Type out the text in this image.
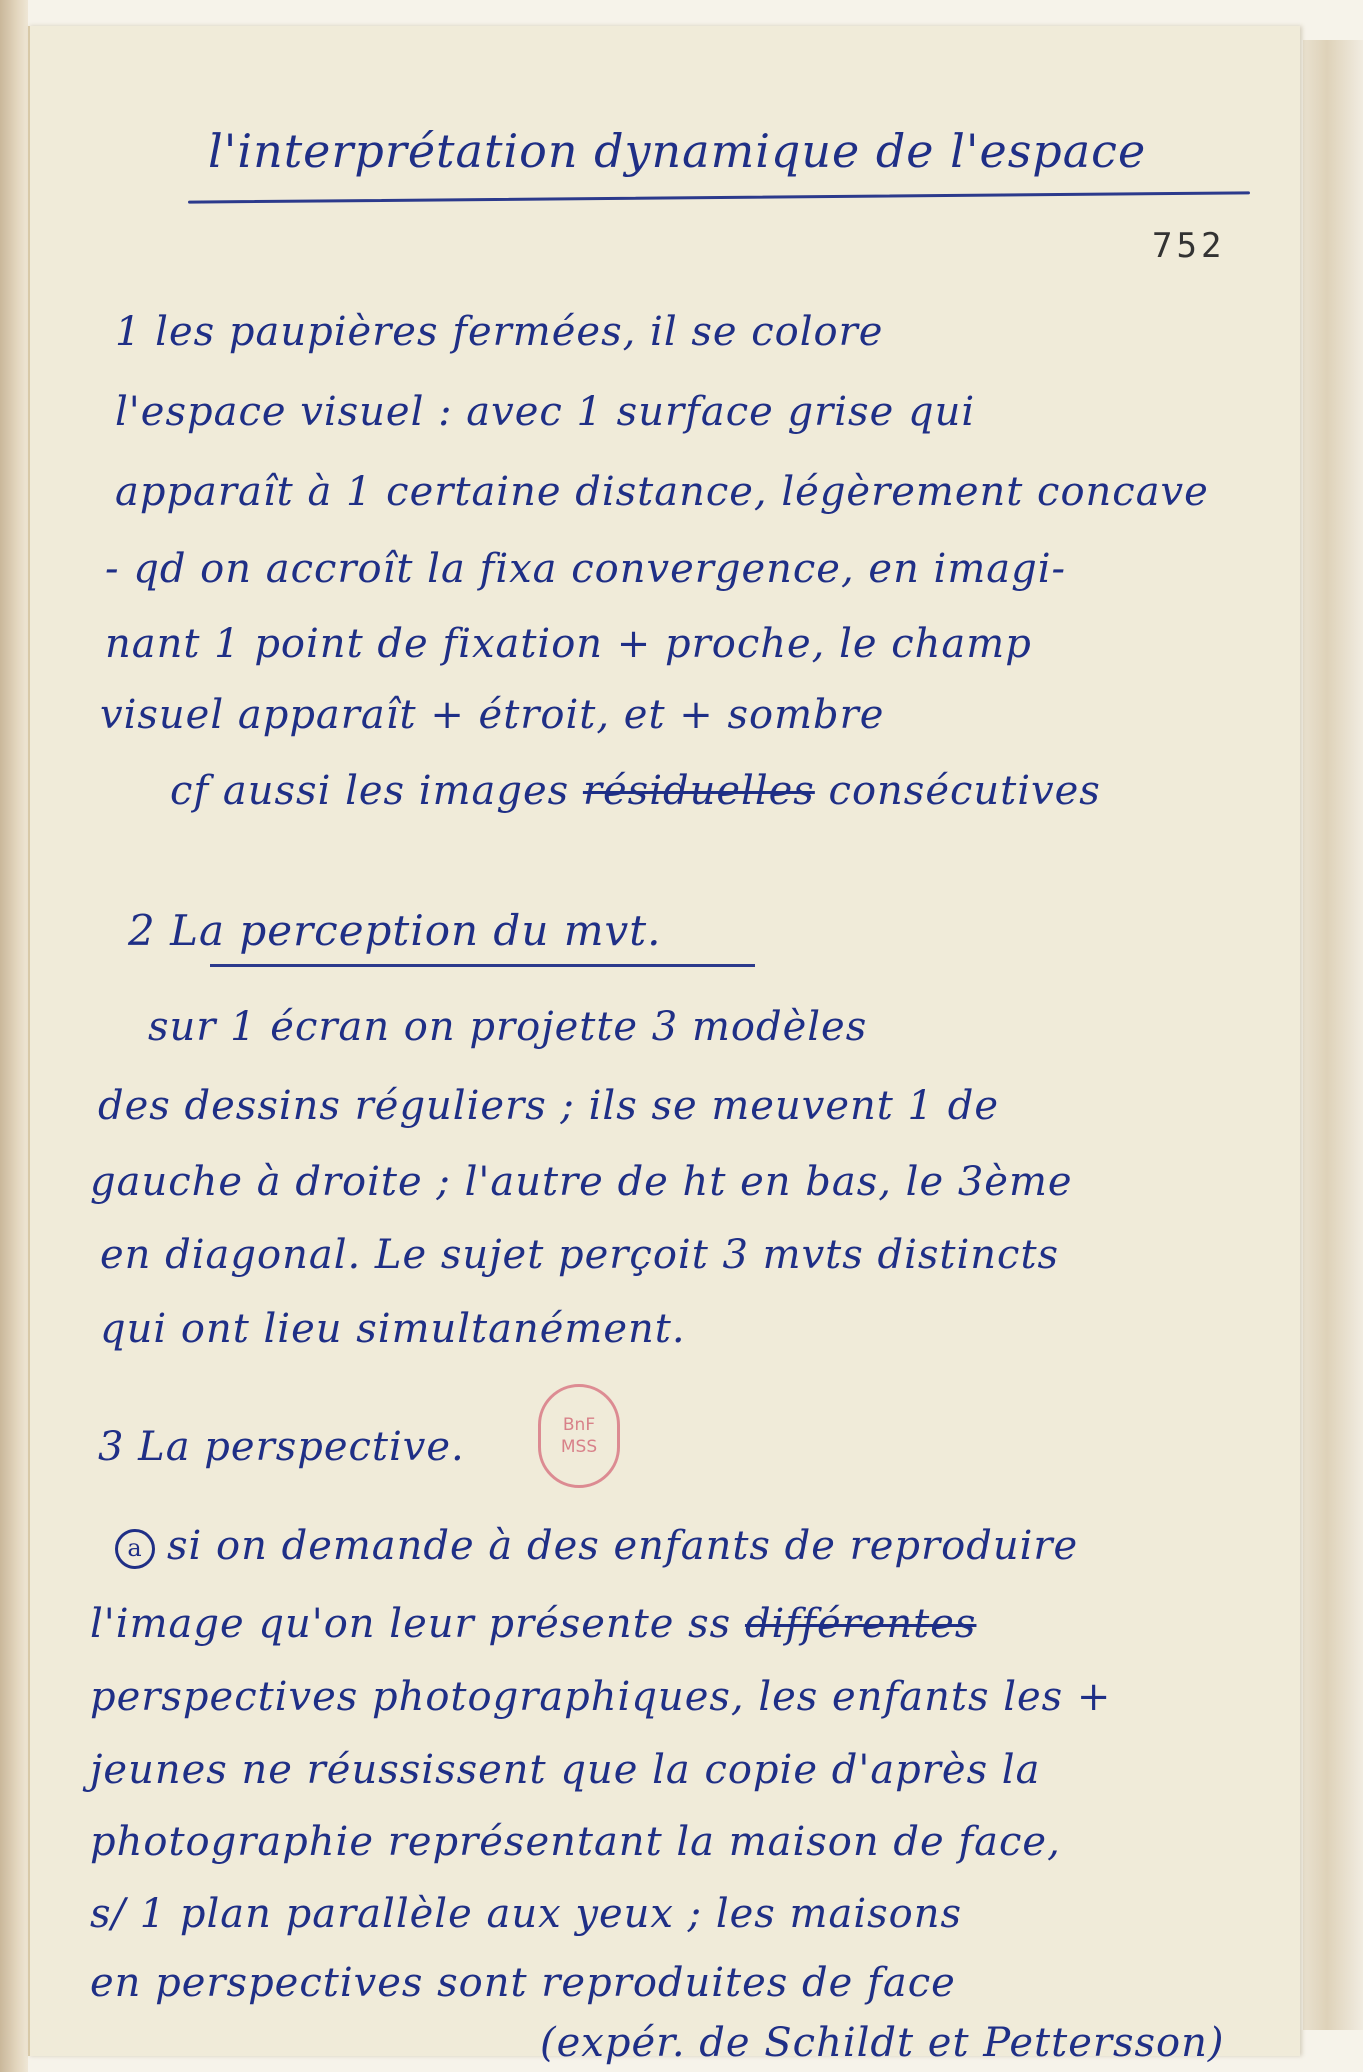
l'interprétation dynamique de l'espace
752
1 les paupières fermées, il se colore
l'espace visuel : avec 1 surface grise qui
apparaît à 1 certaine distance, légèrement concave
- qd on accroît la fixa convergence, en imagi-
nant 1 point de fixation + proche, le champ
visuel apparaît + étroit, et + sombre
cf aussi les images résiduelles consécutives
2 La perception du mvt.
sur 1 écran on projette 3 modèles
des dessins réguliers ; ils se meuvent 1 de
gauche à droite ; l'autre de ht en bas, le 3ème
en diagonal. Le sujet perçoit 3 mvts distincts
qui ont lieu simultanément.
3 La perspective.	BnF
MSS
a si on demande à des enfants de reproduire
l'image qu'on leur présente ss différentes
perspectives photographiques, les enfants les +
jeunes ne réussissent que la copie d'après la
photographie représentant la maison de face,
s/ 1 plan parallèle aux yeux ; les maisons
en perspectives sont reproduites de face
(expér. de Schildt et Pettersson)
